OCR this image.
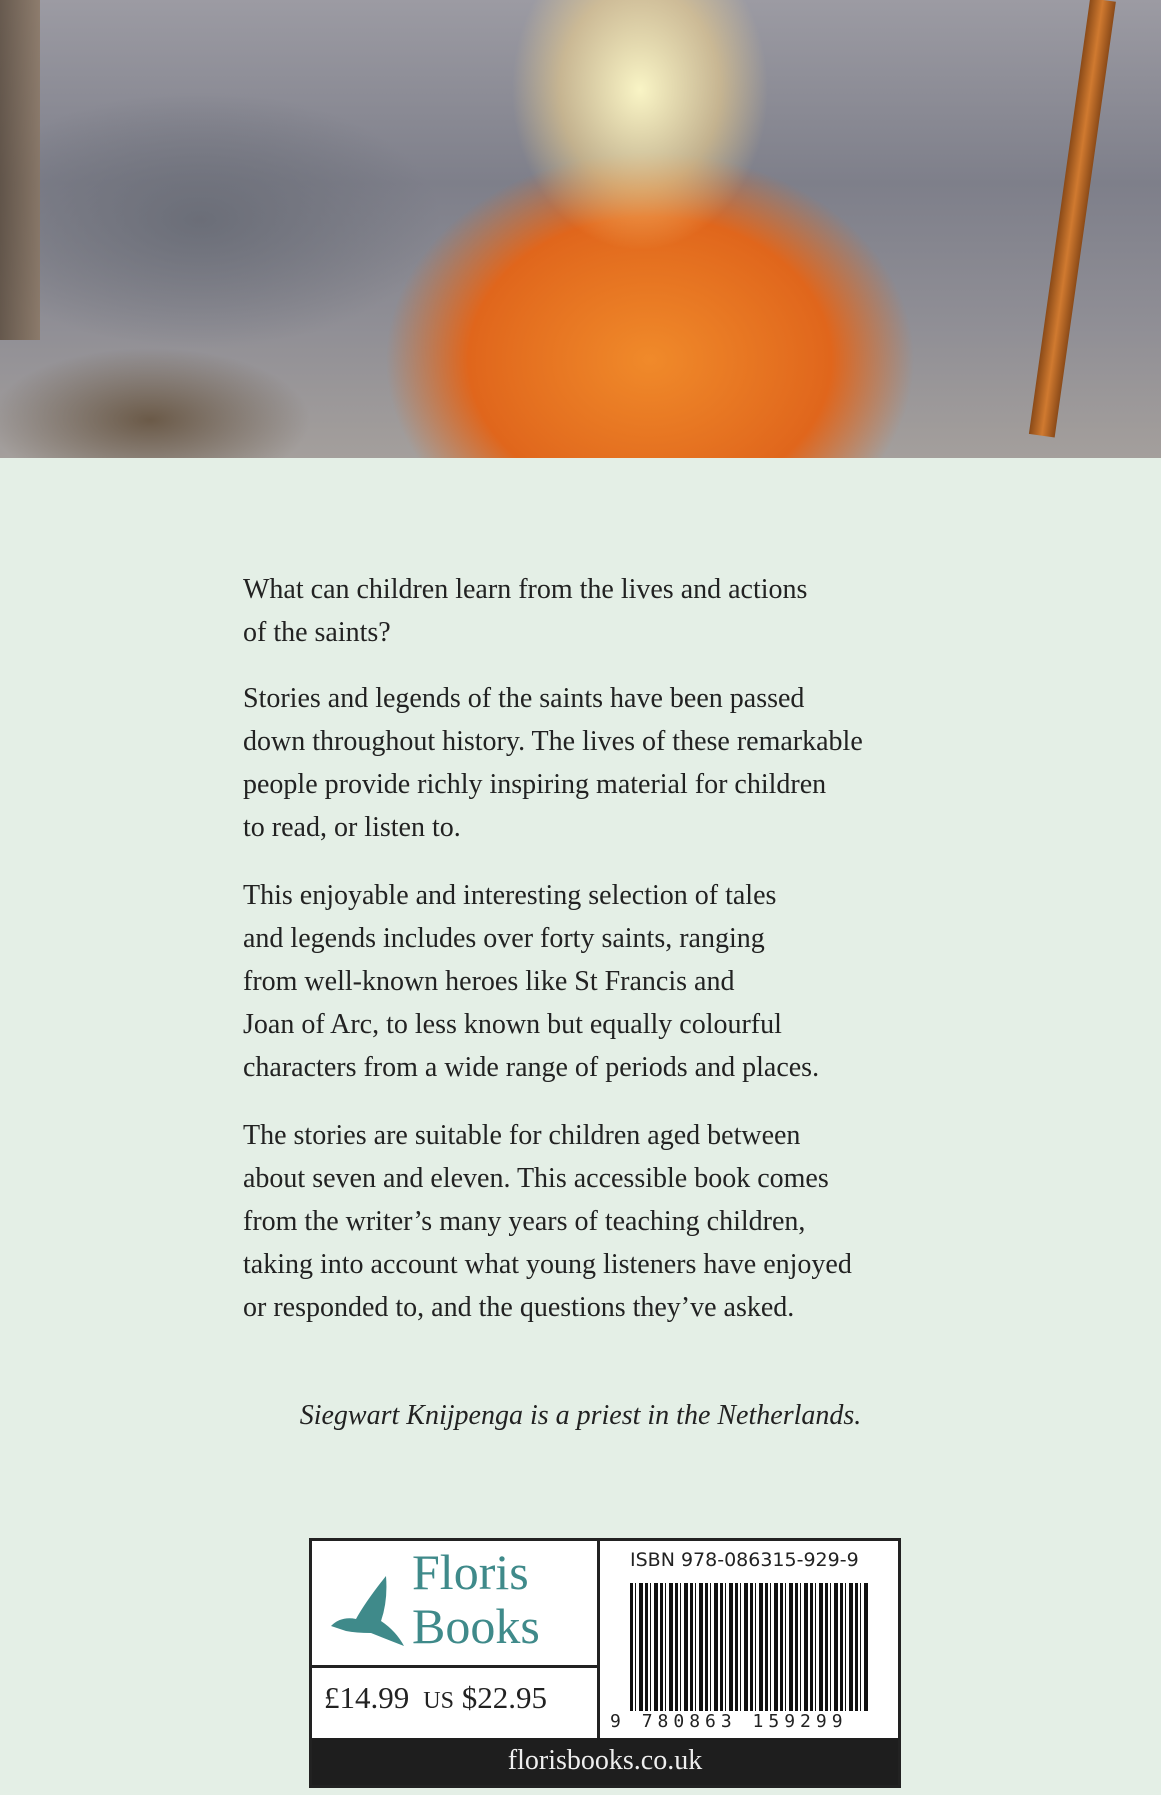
What can children learn from the lives and actions
of the saints?
Stories and legends of the saints have been passed
down throughout history. The lives of these remarkable
people provide richly inspiring material for children
to read, or listen to.
This enjoyable and interesting selection of tales
and legends includes over forty saints, ranging
from well-known heroes like St Francis and
Joan of Arc, to less known but equally colourful
characters from a wide range of periods and places.
The stories are suitable for children aged between
about seven and eleven. This accessible book comes
from the writer’s many years of teaching children,
taking into account what young listeners have enjoyed
or responded to, and the questions they’ve asked.
Siegwart Knijpenga is a priest in the Netherlands.
Floris
Books
£14.99 US $22.95
ISBN 978-086315-929-9
9 780863 159299
florisbooks.co.uk
